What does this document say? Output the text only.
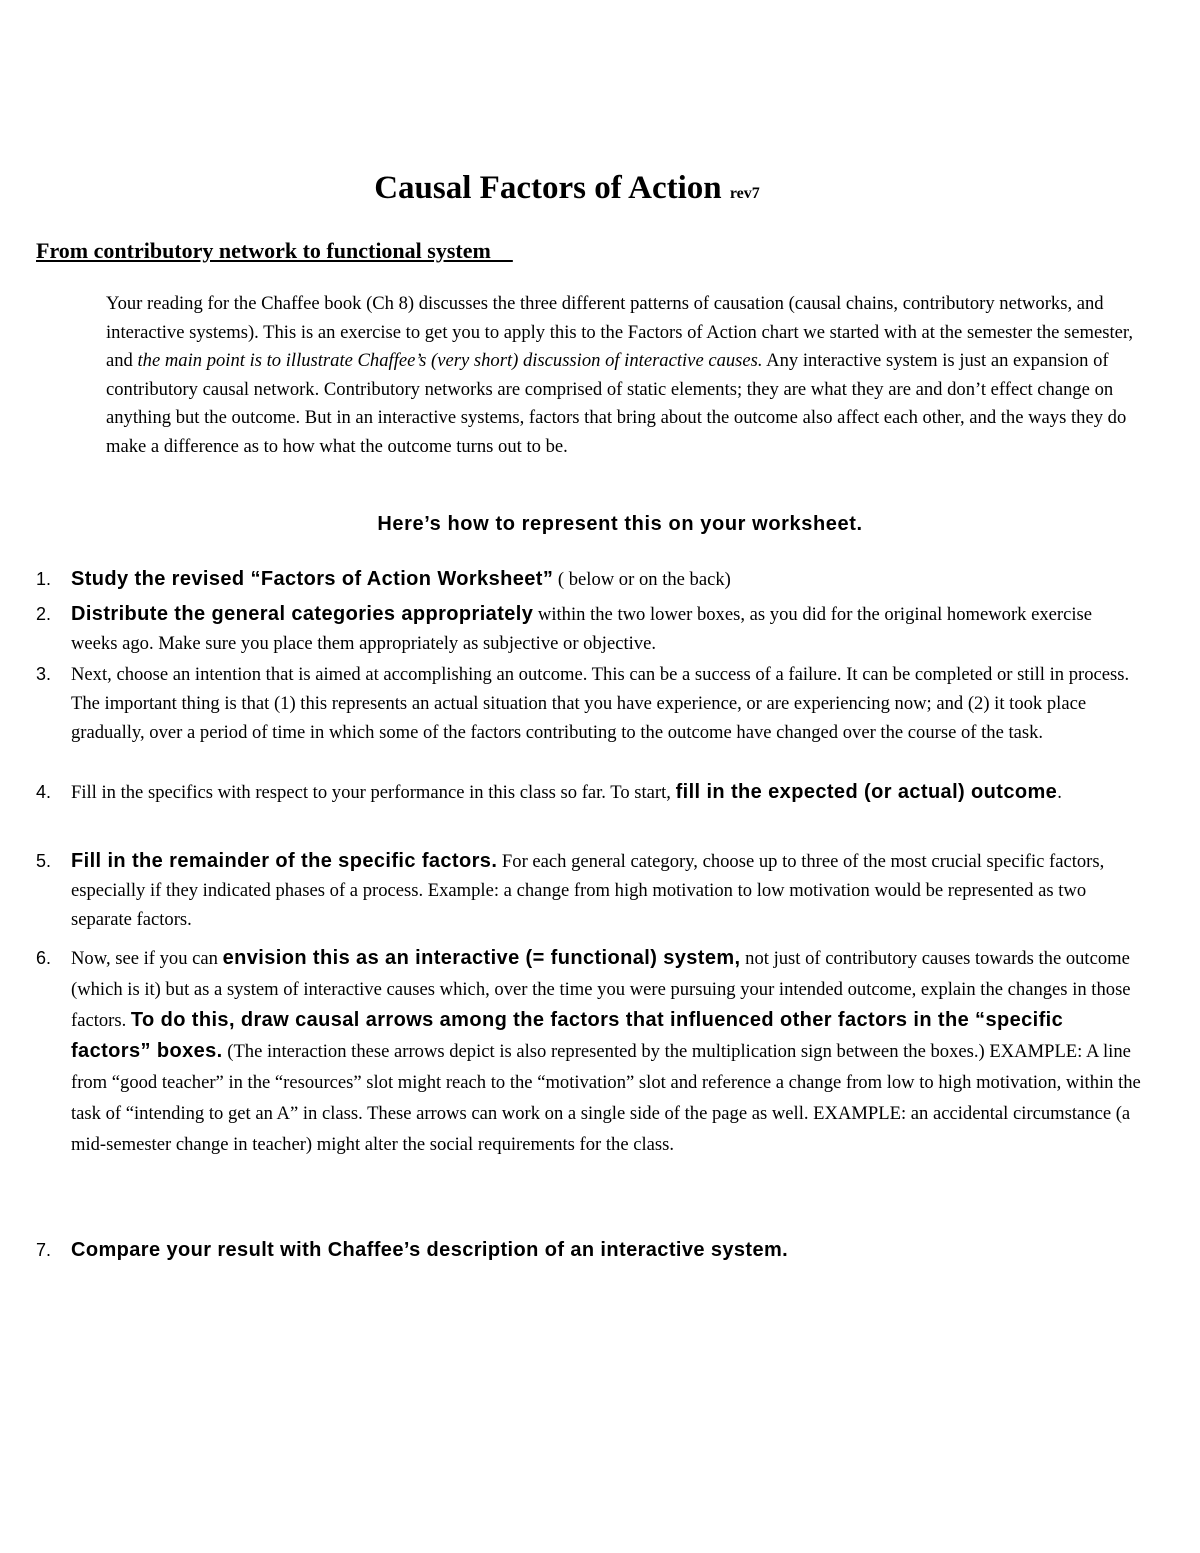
Causal Factors of Action rev7
From contributory network to functional system
Your reading for the Chaffee book (Ch 8) discusses the three different patterns of causation (causal chains, contributory networks, and interactive systems). This is an exercise to get you to apply this to the Factors of Action chart we started with at the semester the semester, and the main point is to illustrate Chaffee’s (very short) discussion of interactive causes. Any interactive system is just an expansion of contributory causal network. Contributory networks are comprised of static elements; they are what they are and don’t effect change on anything but the outcome. But in an interactive systems, factors that bring about the outcome also affect each other, and the ways they do make a difference as to how what the outcome turns out to be.
Here’s how to represent this on your worksheet.
1. Study the revised “Factors of Action Worksheet” ( below or on the back)
2. Distribute the general categories appropriately within the two lower boxes, as you did for the original homework exercise weeks ago. Make sure you place them appropriately as subjective or objective.
3. Next, choose an intention that is aimed at accomplishing an outcome. This can be a success of a failure. It can be completed or still in process. The important thing is that (1) this represents an actual situation that you have experience, or are experiencing now; and (2) it took place gradually, over a period of time in which some of the factors contributing to the outcome have changed over the course of the task.
4. Fill in the specifics with respect to your performance in this class so far. To start, fill in the expected (or actual) outcome.
5. Fill in the remainder of the specific factors. For each general category, choose up to three of the most crucial specific factors, especially if they indicated phases of a process. Example: a change from high motivation to low motivation would be represented as two separate factors.
6. Now, see if you can envision this as an interactive (= functional) system, not just of contributory causes towards the outcome (which is it) but as a system of interactive causes which, over the time you were pursuing your intended outcome, explain the changes in those factors. To do this, draw causal arrows among the factors that influenced other factors in the “specific factors” boxes. (The interaction these arrows depict is also represented by the multiplication sign between the boxes.) EXAMPLE: A line from “good teacher” in the “resources” slot might reach to the “motivation” slot and reference a change from low to high motivation, within the task of “intending to get an A” in class. These arrows can work on a single side of the page as well. EXAMPLE: an accidental circumstance (a mid-semester change in teacher) might alter the social requirements for the class.
7. Compare your result with Chaffee’s description of an interactive system.
